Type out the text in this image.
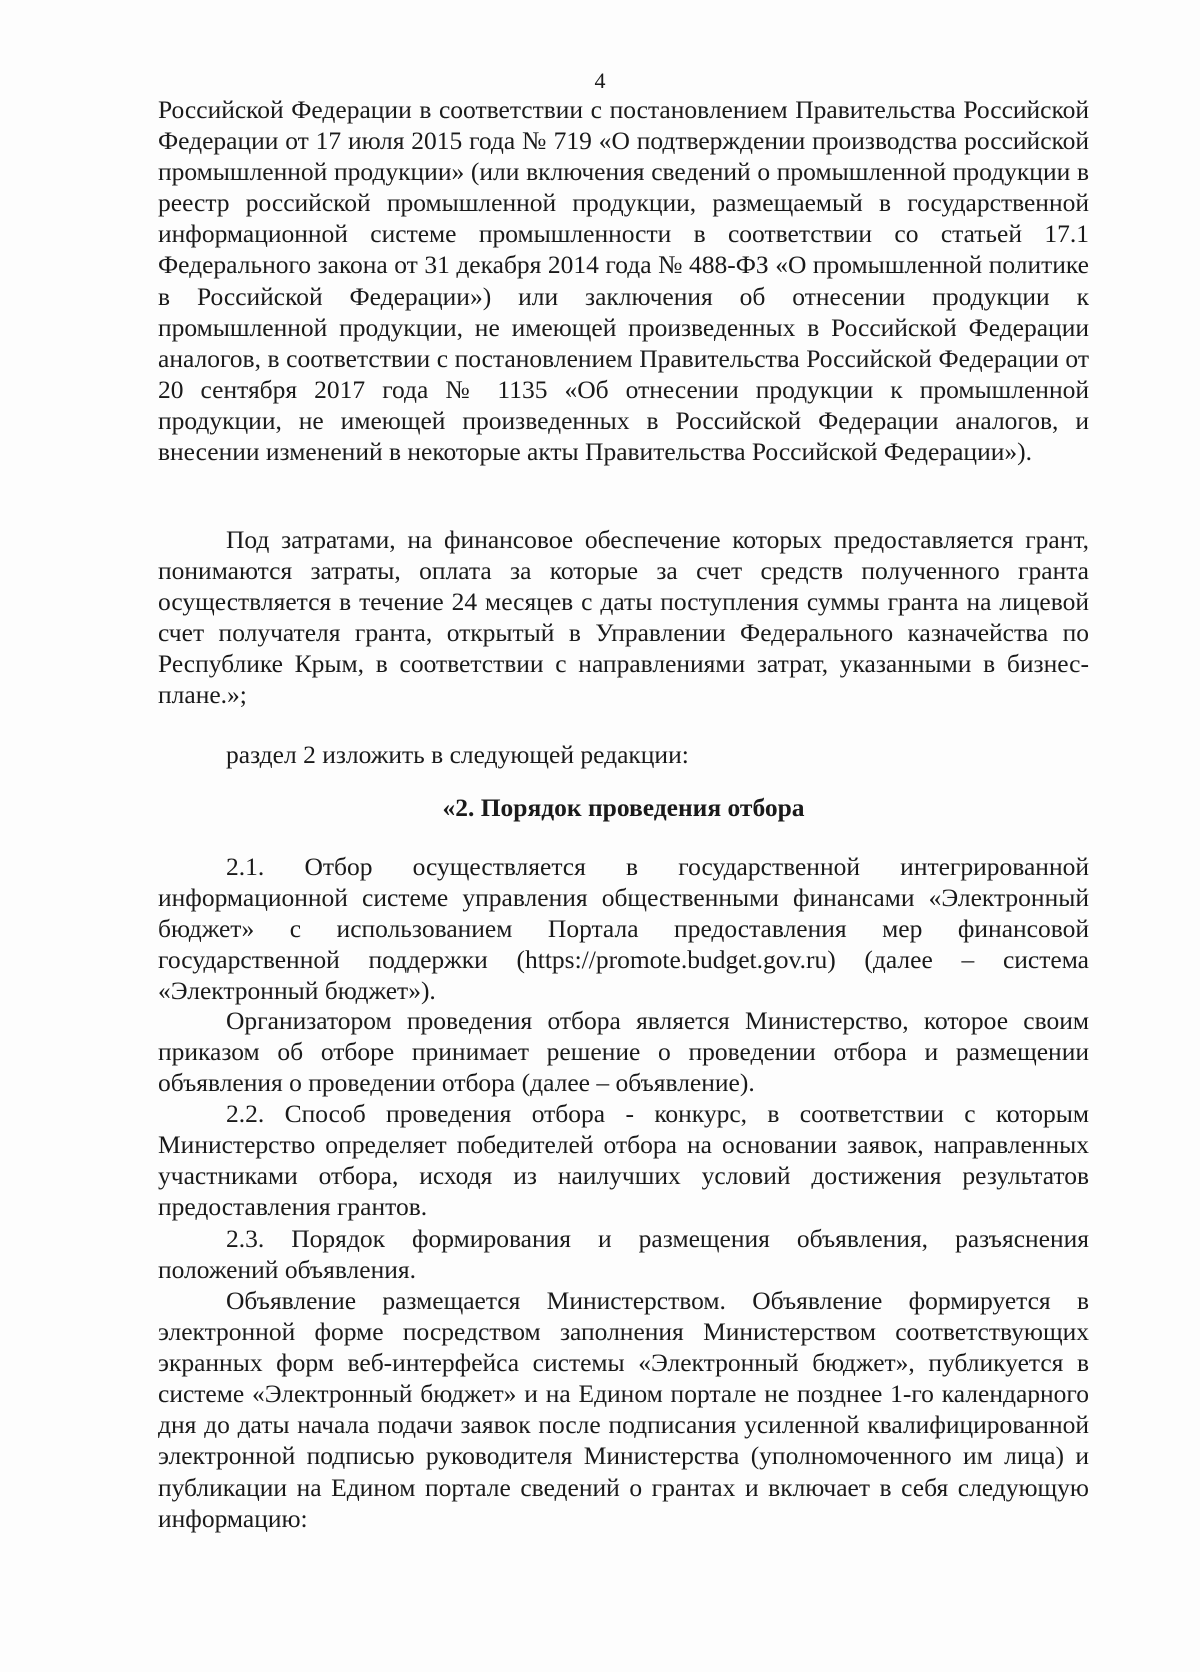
4

Российской Федерации в соответствии с постановлением Правительства Российской Федерации от 17 июля 2015 года № 719 «О подтверждении производства российской промышленной продукции» (или включения сведений о промышленной продукции в реестр российской промышленной продукции, размещаемый в государственной информационной системе промышленности в соответствии со статьей 17.1 Федерального закона от 31 декабря 2014 года № 488-ФЗ «О промышленной политике в Российской Федерации») или заключения об отнесении продукции к промышленной продукции, не имеющей произведенных в Российской Федерации аналогов, в соответствии с постановлением Правительства Российской Федерации от 20 сентября 2017 года № 1135 «Об отнесении продукции к промышленной продукции, не имеющей произведенных в Российской Федерации аналогов, и внесении изменений в некоторые акты Правительства Российской Федерации»).

Под затратами, на финансовое обеспечение которых предоставляется грант, понимаются затраты, оплата за которые за счет средств полученного гранта осуществляется в течение 24 месяцев с даты поступления суммы гранта на лицевой счет получателя гранта, открытый в Управлении Федерального казначейства по Республике Крым, в соответствии с направлениями затрат, указанными в бизнес-плане.»;

раздел 2 изложить в следующей редакции:

«2. Порядок проведения отбора

2.1. Отбор осуществляется в государственной интегрированной информационной системе управления общественными финансами «Электронный бюджет» с использованием Портала предоставления мер финансовой государственной поддержки (https://promote.budget.gov.ru) (далее – система «Электронный бюджет»).

Организатором проведения отбора является Министерство, которое своим приказом об отборе принимает решение о проведении отбора и размещении объявления о проведении отбора (далее – объявление).

2.2. Способ проведения отбора - конкурс, в соответствии с которым Министерство определяет победителей отбора на основании заявок, направленных участниками отбора, исходя из наилучших условий достижения результатов предоставления грантов.

2.3. Порядок формирования и размещения объявления, разъяснения положений объявления.

Объявление размещается Министерством. Объявление формируется в электронной форме посредством заполнения Министерством соответствующих экранных форм веб-интерфейса системы «Электронный бюджет», публикуется в системе «Электронный бюджет» и на Едином портале не позднее 1-го календарного дня до даты начала подачи заявок после подписания усиленной квалифицированной электронной подписью руководителя Министерства (уполномоченного им лица) и публикации на Едином портале сведений о грантах и включает в себя следующую информацию:
